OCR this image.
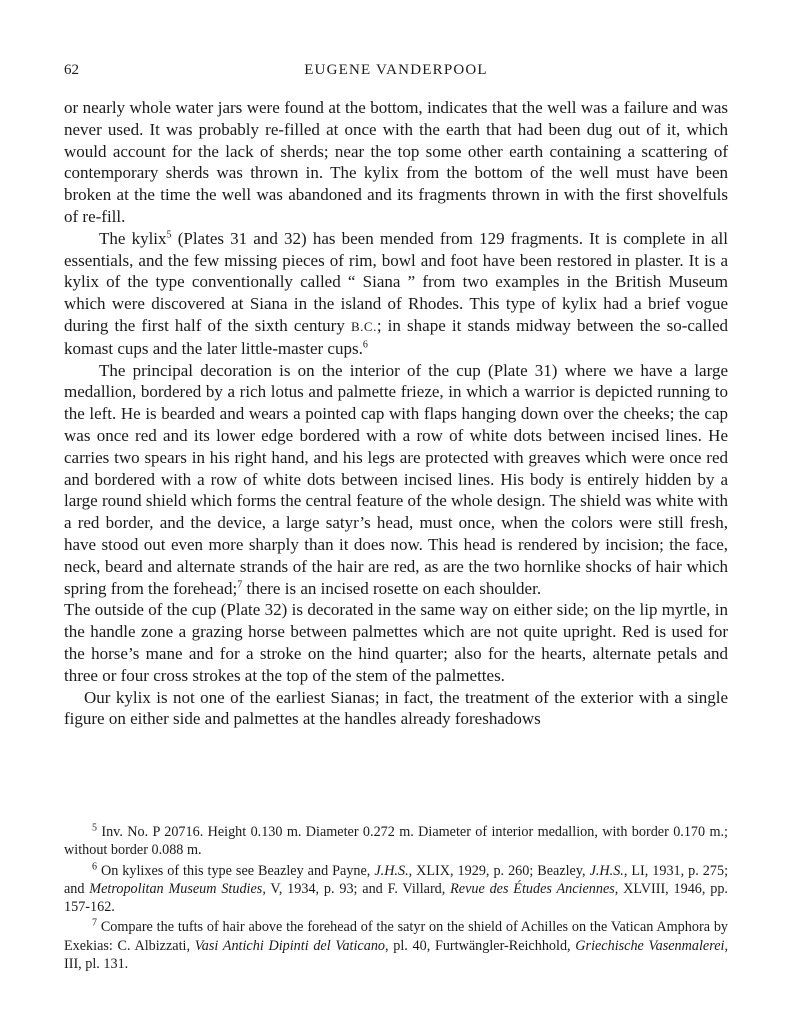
62	EUGENE VANDERPOOL

or nearly whole water jars were found at the bottom, indicates that the well was a failure and was never used. It was probably re-filled at once with the earth that had been dug out of it, which would account for the lack of sherds; near the top some other earth containing a scattering of contemporary sherds was thrown in. The kylix from the bottom of the well must have been broken at the time the well was abandoned and its fragments thrown in with the first shovelfuls of re-fill.

The kylix$^5$ (Plates 31 and 32) has been mended from 129 fragments. It is complete in all essentials, and the few missing pieces of rim, bowl and foot have been restored in plaster. It is a kylix of the type conventionally called “ Siana ” from two examples in the British Museum which were discovered at Siana in the island of Rhodes. This type of kylix had a brief vogue during the first half of the sixth century B.C.; in shape it stands midway between the so-called komast cups and the later little-master cups.$^6$

The principal decoration is on the interior of the cup (Plate 31) where we have a large medallion, bordered by a rich lotus and palmette frieze, in which a warrior is depicted running to the left. He is bearded and wears a pointed cap with flaps hanging down over the cheeks; the cap was once red and its lower edge bordered with a row of white dots between incised lines. He carries two spears in his right hand, and his legs are protected with greaves which were once red and bordered with a row of white dots between incised lines. His body is entirely hidden by a large round shield which forms the central feature of the whole design. The shield was white with a red border, and the device, a large satyr’s head, must once, when the colors were still fresh, have stood out even more sharply than it does now. This head is rendered by incision; the face, neck, beard and alternate strands of the hair are red, as are the two hornlike shocks of hair which spring from the forehead;$^7$ there is an incised rosette on each shoulder.

The outside of the cup (Plate 32) is decorated in the same way on either side; on the lip myrtle, in the handle zone a grazing horse between palmettes which are not quite upright. Red is used for the horse’s mane and for a stroke on the hind quarter; also for the hearts, alternate petals and three or four cross strokes at the top of the stem of the palmettes.

Our kylix is not one of the earliest Sianas; in fact, the treatment of the exterior with a single figure on either side and palmettes at the handles already foreshadows

$^5$ Inv. No. P 20716. Height 0.130 m. Diameter 0.272 m. Diameter of interior medallion, with border 0.170 m.; without border 0.088 m.

$^6$ On kylixes of this type see Beazley and Payne, J.H.S., XLIX, 1929, p. 260; Beazley, J.H.S., LI, 1931, p. 275; and Metropolitan Museum Studies, V, 1934, p. 93; and F. Villard, Revue des Études Anciennes, XLVIII, 1946, pp. 157-162.

$^7$ Compare the tufts of hair above the forehead of the satyr on the shield of Achilles on the Vatican Amphora by Exekias: C. Albizzati, Vasi Antichi Dipinti del Vaticano, pl. 40, Furtwängler-Reichhold, Griechische Vasenmalerei, III, pl. 131.
